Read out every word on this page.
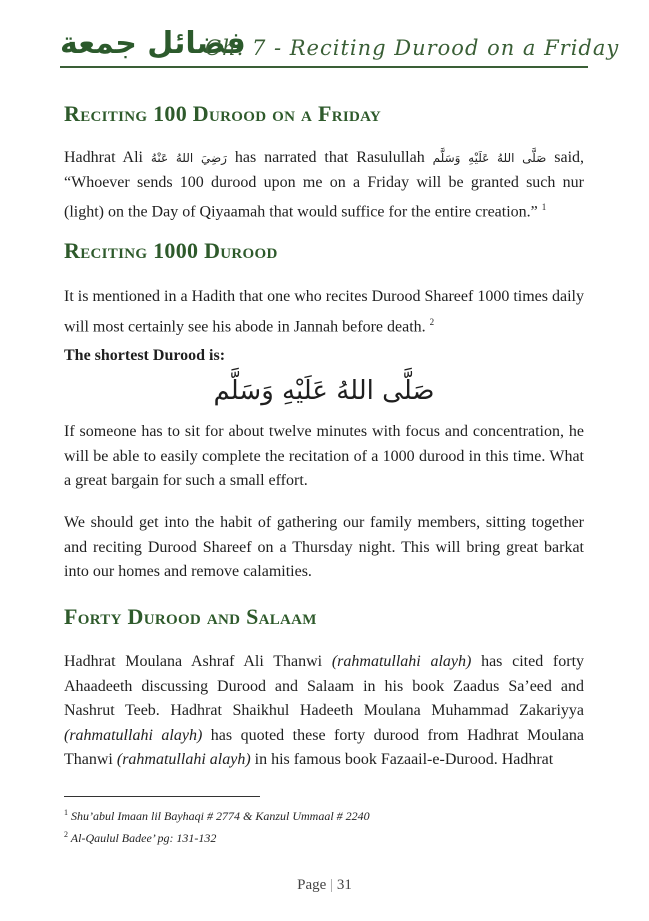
فضائل جمعة
Ch. 7 - Reciting Durood on a Friday
Reciting 100 Durood on a Friday
Hadhrat Ali رَضِيَ اللهُ عَنْهُ has narrated that Rasulullah صَلَّى اللهُ عَلَيْهِ وَسَلَّم said, “Whoever sends 100 durood upon me on a Friday will be granted such nur (light) on the Day of Qiyaamah that would suffice for the entire creation.” $^1$
Reciting 1000 Durood
It is mentioned in a Hadith that one who recites Durood Shareef 1000 times daily will most certainly see his abode in Jannah before death. $^2$
The shortest Durood is:
صَلَّى اللهُ عَلَيْهِ وَسَلَّم
If someone has to sit for about twelve minutes with focus and concentration, he will be able to easily complete the recitation of a 1000 durood in this time. What a great bargain for such a small effort.
We should get into the habit of gathering our family members, sitting together and reciting Durood Shareef on a Thursday night. This will bring great barkat into our homes and remove calamities.
Forty Durood and Salaam
Hadhrat Moulana Ashraf Ali Thanwi (rahmatullahi alayh) has cited forty Ahaadeeth discussing Durood and Salaam in his book Zaadus Sa’eed and Nashrut Teeb. Hadhrat Shaikhul Hadeeth Moulana Muhammad Zakariyya (rahmatullahi alayh) has quoted these forty durood from Hadhrat Moulana Thanwi (rahmatullahi alayh) in his famous book Fazaail-e-Durood. Hadhrat
$^1$ Shu’abul Imaan lil Bayhaqi # 2774 & Kanzul Ummaal # 2240
$^2$ Al-Qaulul Badee’ pg: 131-132
Page | 31
